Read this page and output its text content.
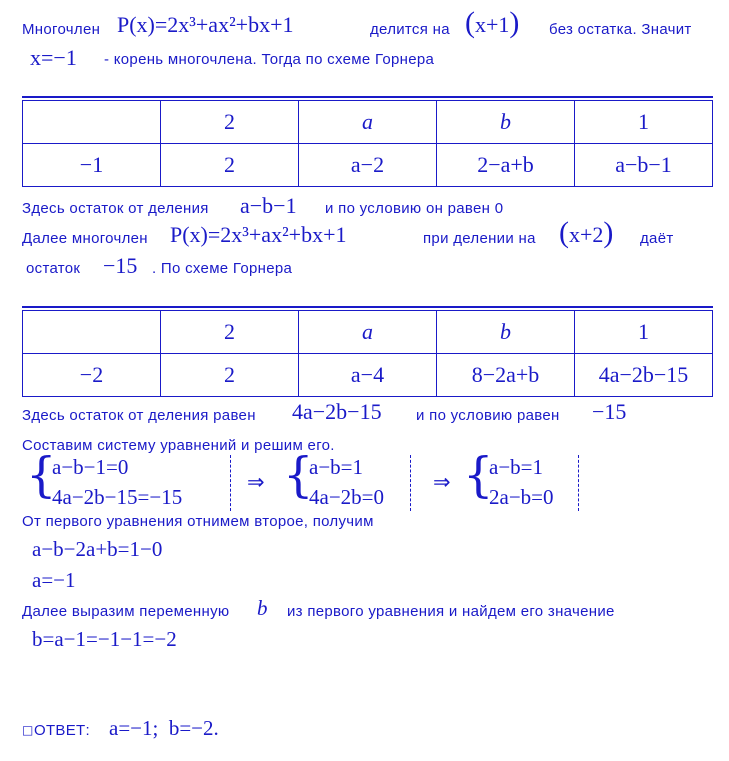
Многочлен P(x)=2x³+ax²+bx+1	делится на (x+1) без остатка. Значит
x=−1 - корень многочлена. Тогда по схеме Горнера
	2	a	b	1
−1	2	a−2	2−a+b	a−b−1
Здесь остаток от деления a−b−1 и по условию он равен 0
Далее многочлен P(x)=2x³+ax²+bx+1	при делении на (x+2) даёт
остаток −15 . По схеме Горнера
	2	a	b	1
−2	2	a−4	8−2a+b	4a−2b−15
Здесь остаток от деления равен 4a−2b−15 и по условию равен −15
Составим систему уравнений и решим его.
{
a−b−1=0
4a−2b−15=−15
⇒ {
a−b=1
4a−2b=0
⇒ {
a−b=1
2a−b=0
От первого уравнения отнимем второе, получим
a−b−2a+b=1−0
a=−1
Далее выразим переменную b из первого уравнения и найдем его значение
b=a−1=−1−1=−2
□ ОТВЕТ: a=−1;  b=−2.
